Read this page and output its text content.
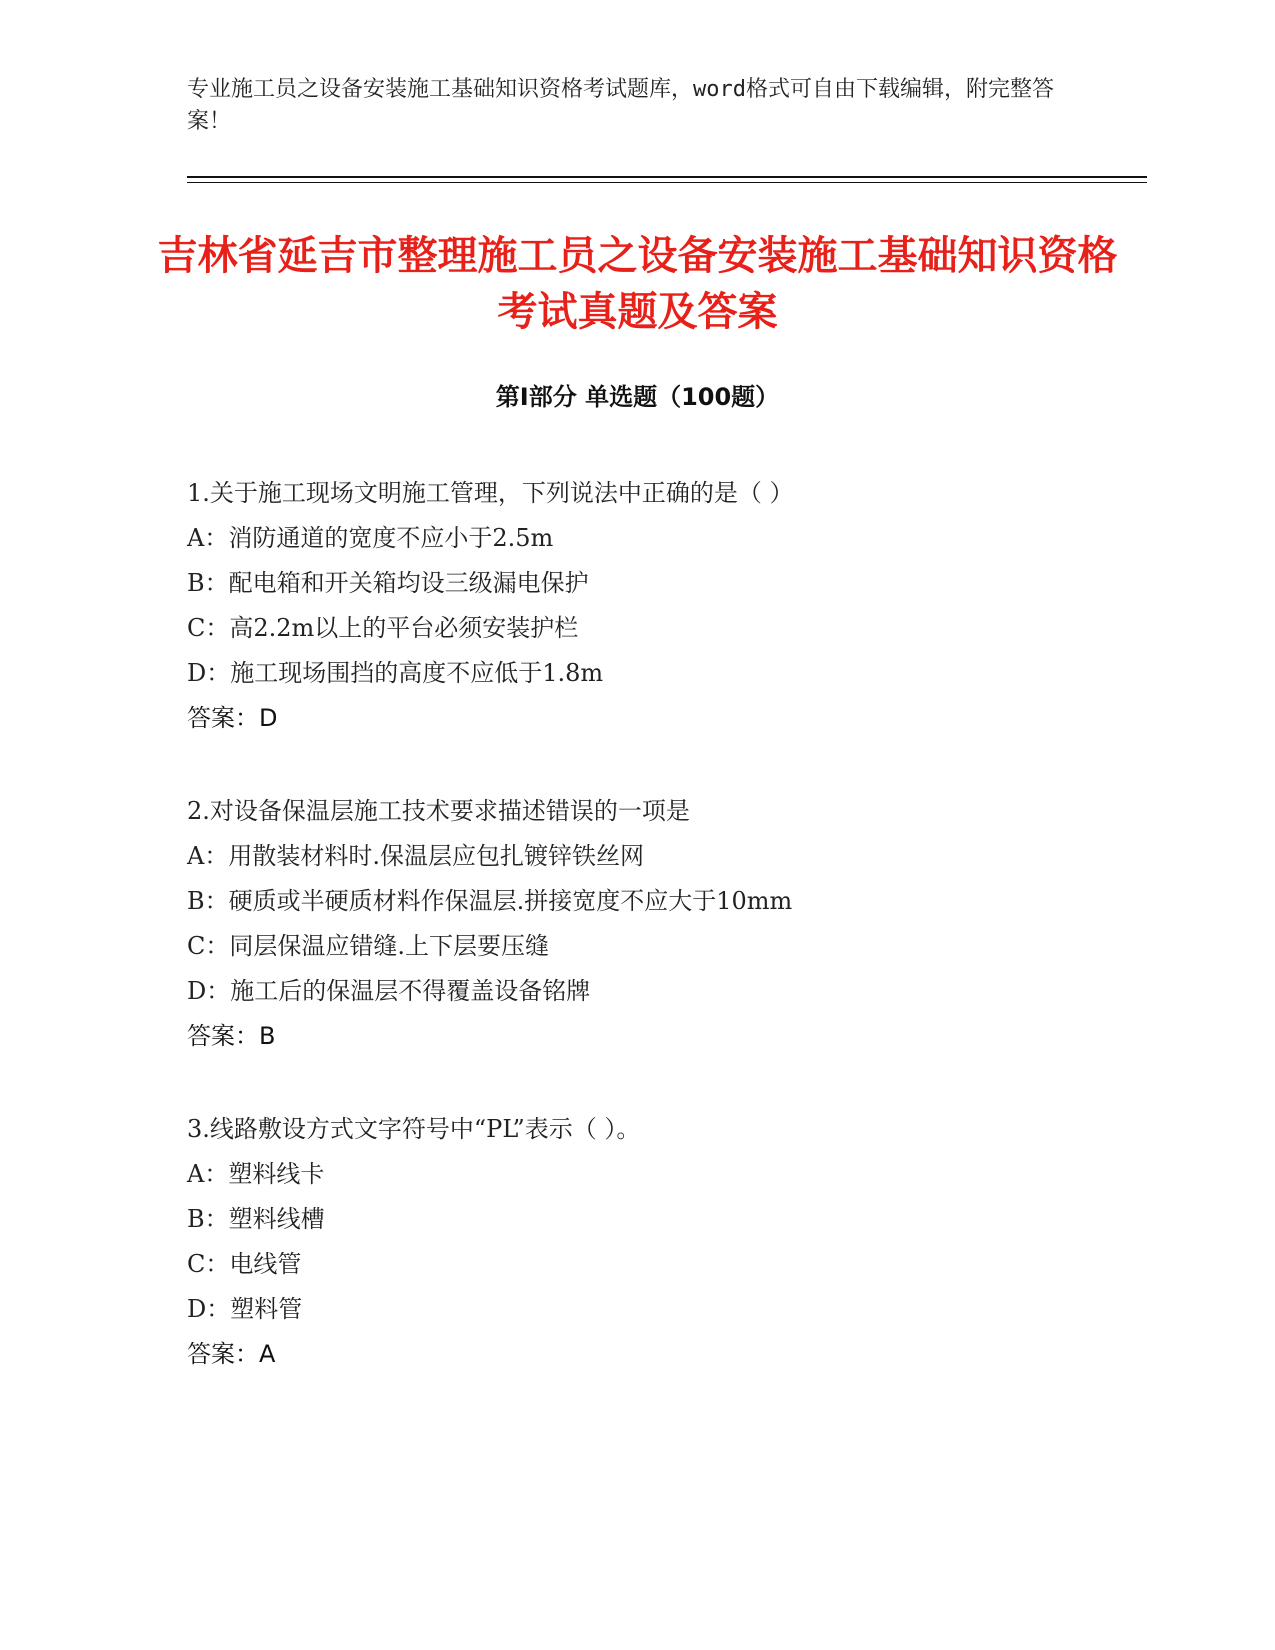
专业施工员之设备安装施工基础知识资格考试题库，word格式可自由下载编辑，附完整答案！
吉林省延吉市整理施工员之设备安装施工基础知识资格考试真题及答案
第Ⅰ部分 单选题（100题）
1.关于施工现场文明施工管理，下列说法中正确的是（ ）
A：消防通道的宽度不应小于2.5m
B：配电箱和开关箱均设三级漏电保护
C：高2.2m以上的平台必须安装护栏
D：施工现场围挡的高度不应低于1.8m
答案：D
2.对设备保温层施工技术要求描述错误的一项是
A：用散装材料时.保温层应包扎镀锌铁丝网
B：硬质或半硬质材料作保温层.拼接宽度不应大于10mm
C：同层保温应错缝.上下层要压缝
D：施工后的保温层不得覆盖设备铭牌
答案：B
3.线路敷设方式文字符号中“PL”表示（ ）。
A：塑料线卡
B：塑料线槽
C：电线管
D：塑料管
答案：A
